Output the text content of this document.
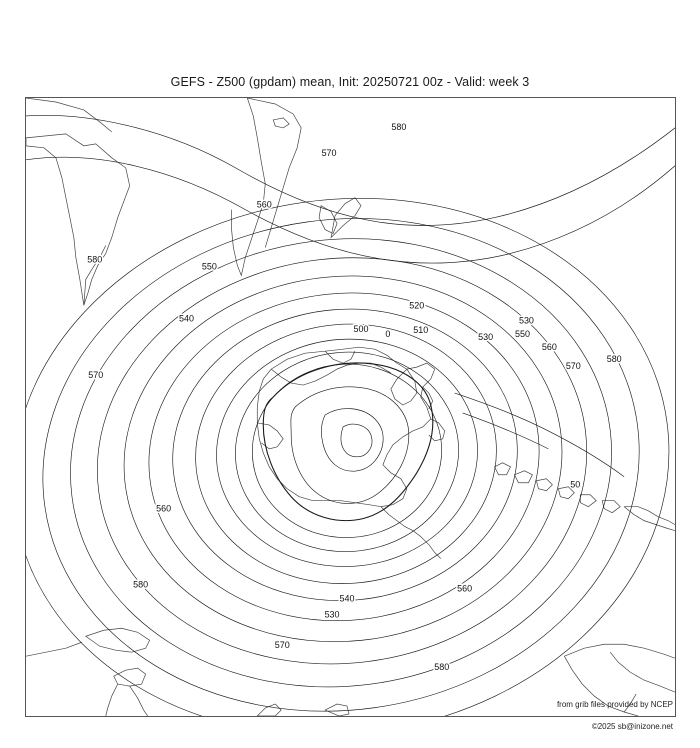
GEFS - Z500 (gpdam) mean, Init: 20250721 00z - Valid: week 3
580
570
560
580
550
540
520
510
500
530
530
550
560
570
580
570
560
560
540
530
580
570
580
50
0
from grib files provided by NCEP
©2025 sb@inizone.net
